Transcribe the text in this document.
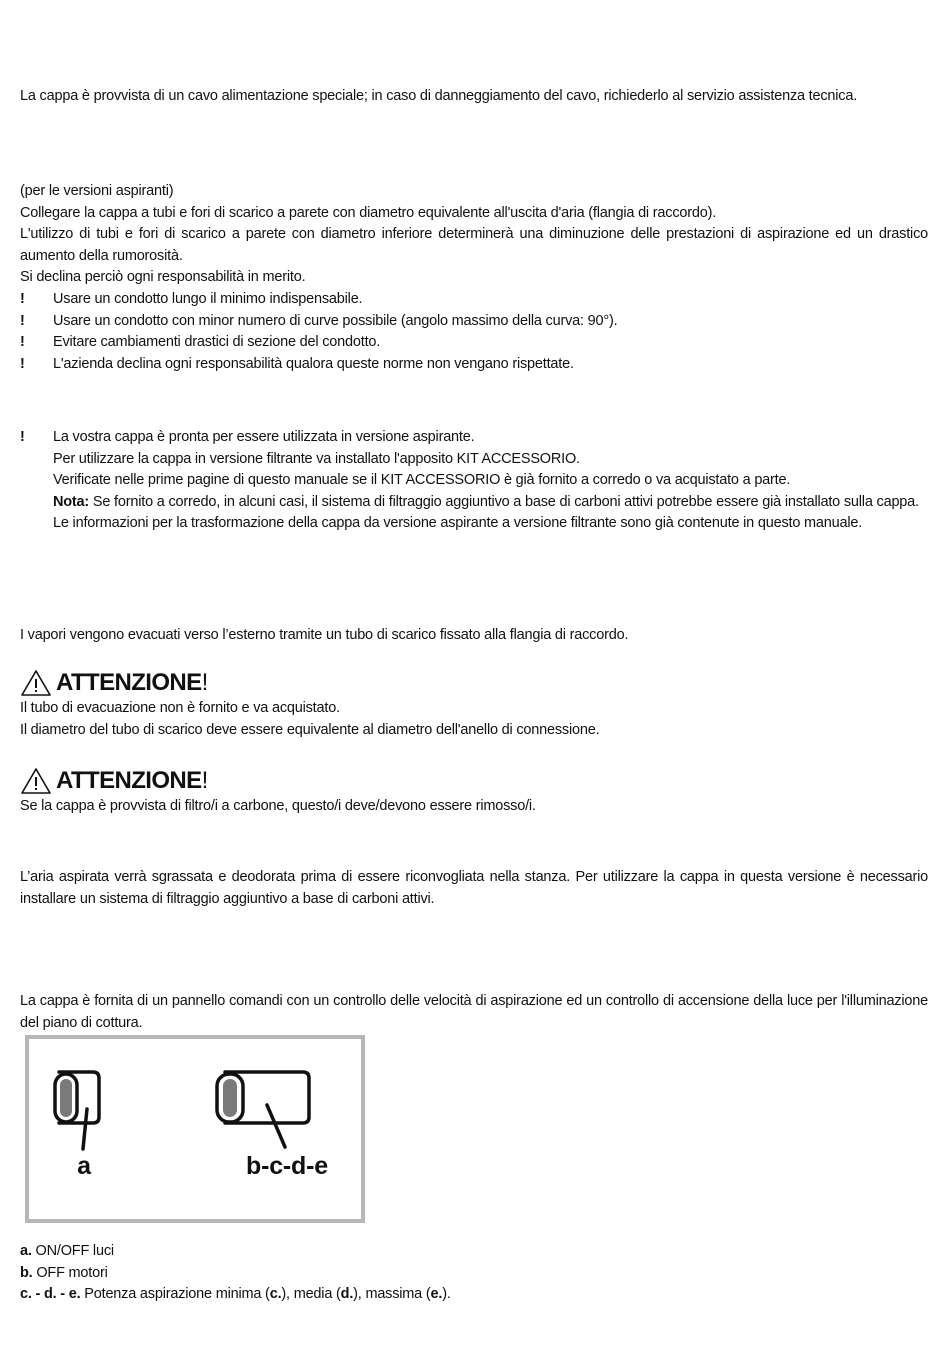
La cappa è provvista di un cavo alimentazione speciale; in caso di danneggiamento del cavo, richiederlo al servizio assistenza tecnica.

(per le versioni aspiranti)

Collegare la cappa a tubi e fori di scarico a parete con diametro equivalente all'uscita d'aria (flangia di raccordo).

L'utilizzo di tubi e fori di scarico a parete con diametro inferiore determinerà una diminuzione delle prestazioni di aspirazione ed un drastico aumento della rumorosità.

Si declina perciò ogni responsabilità in merito.

! Usare un condotto lungo il minimo indispensabile.

! Usare un condotto con minor numero di curve possibile (angolo massimo della curva: 90°).

! Evitare cambiamenti drastici di sezione del condotto.

! L'azienda declina ogni responsabilità qualora queste norme non vengano rispettate.

! La vostra cappa è pronta per essere utilizzata in versione aspirante.

Per utilizzare la cappa in versione filtrante va installato l'apposito KIT ACCESSORIO.

Verificate nelle prime pagine di questo manuale se il KIT ACCESSORIO è già fornito a corredo o va acquistato a parte.

Nota: Se fornito a corredo, in alcuni casi, il sistema di filtraggio aggiuntivo a base di carboni attivi potrebbe essere già installato sulla cappa.

Le informazioni per la trasformazione della cappa da versione aspirante a versione filtrante sono già contenute in questo manuale.

I vapori vengono evacuati verso l’esterno tramite un tubo di scarico fissato alla flangia di raccordo.

ATTENZIONE !

Il tubo di evacuazione non è fornito e va acquistato.

Il diametro del tubo di scarico deve essere equivalente al diametro dell'anello di connessione.

ATTENZIONE !

Se la cappa è provvista di filtro/i a carbone, questo/i deve/devono essere rimosso/i.

L’aria aspirata verrà sgrassata e deodorata prima di essere riconvogliata nella stanza. Per utilizzare la cappa in questa versione è necessario installare un sistema di filtraggio aggiuntivo a base di carboni attivi.

La cappa è fornita di un pannello comandi con un controllo delle velocità di aspirazione ed un controllo di accensione della luce per l'illuminazione del piano di cottura.

a	b-c-d-e

a. ON/OFF luci

b. OFF motori

c. - d. - e. Potenza aspirazione minima (c.), media (d.), massima (e.).
